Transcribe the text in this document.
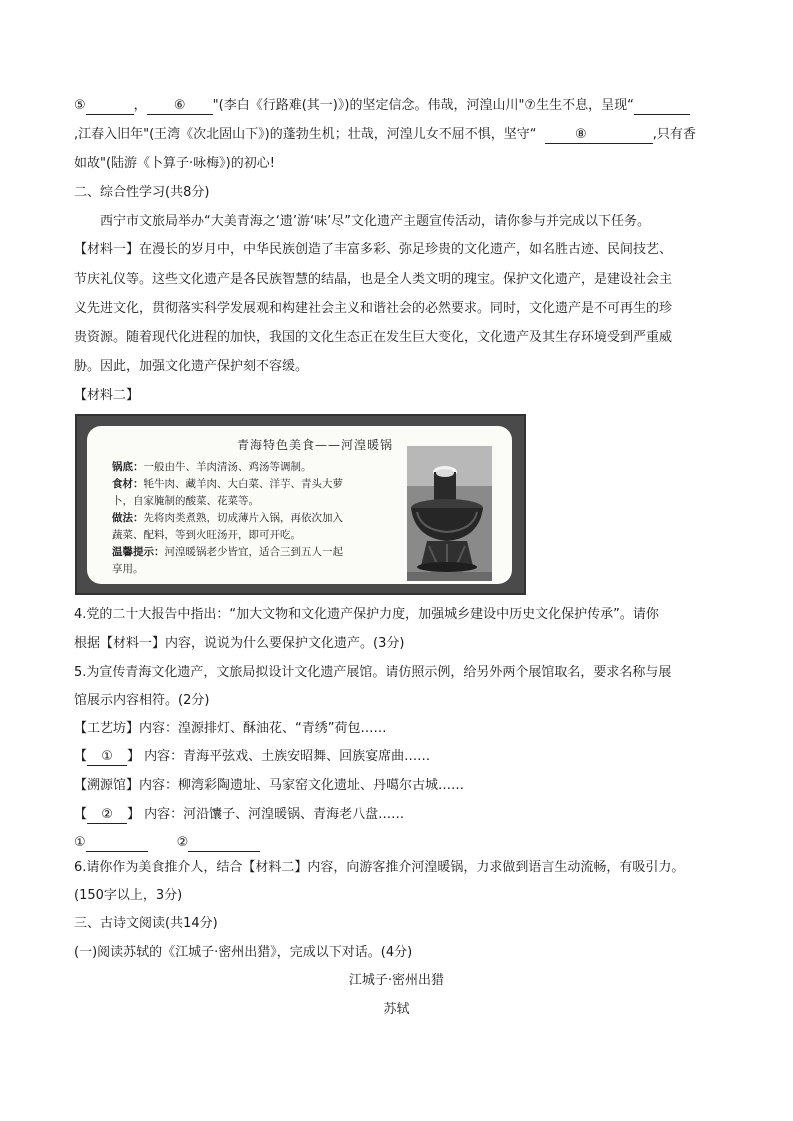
⑤	， ⑥ "(李白《行路难(其一)》)的坚定信念。伟哉，河湟山川"⑦生生不息，呈现“
,江春入旧年"(王湾《次北固山下》)的蓬勃生机；壮哉，河湟儿女不屈不惧，坚守“	⑧	,只有香
如故"(陆游《卜算子·咏梅》)的初心!
二、综合性学习(共8分)
西宁市文旅局举办“大美青海之‘遗’游‘味’尽”文化遗产主题宣传活动，请你参与并完成以下任务。
【材料一】在漫长的岁月中，中华民族创造了丰富多彩、弥足珍贵的文化遗产，如名胜古迹、民间技艺、
节庆礼仪等。这些文化遗产是各民族智慧的结晶，也是全人类文明的瑰宝。保护文化遗产，是建设社会主
义先进文化，贯彻落实科学发展观和构建社会主义和谐社会的必然要求。同时，文化遗产是不可再生的珍
贵资源。随着现代化进程的加快，我国的文化生态正在发生巨大变化，文化遗产及其生存环境受到严重威
胁。因此，加强文化遗产保护刻不容缓。
【材料二】
青海特色美食——河湟暖锅
锅底：一般由牛、羊肉清汤、鸡汤等调制。
食材：牦牛肉、藏羊肉、大白菜、洋芋、青头大萝
卜，自家腌制的酸菜、花菜等。
做法：先将肉类煮熟，切成薄片入锅，再依次加入
蔬菜、配料，等到火旺汤开，即可开吃。
温馨提示：河湟暖锅老少皆宜，适合三到五人一起
享用。
4.党的二十大报告中指出：“加大文物和文化遗产保护力度，加强城乡建设中历史文化保护传承”。请你
根据【材料一】内容，说说为什么要保护文化遗产。(3分)
5.为宣传青海文化遗产，文旅局拟设计文化遗产展馆。请仿照示例，给另外两个展馆取名，要求名称与展
馆展示内容相符。(2分)
【工艺坊】内容：湟源排灯、酥油花、“青绣”荷包……
【 ① 】 内容：青海平弦戏、土族安昭舞、回族宴席曲……
【溯源馆】内容：柳湾彩陶遗址、马家窑文化遗址、丹噶尔古城……
【 ② 】 内容：河沿馕子、河湟暖锅、青海老八盘……
①	②
6.请你作为美食推介人，结合【材料二】内容，向游客推介河湟暖锅，力求做到语言生动流畅，有吸引力。
(150字以上，3分)
三、古诗文阅读(共14分)
(一)阅读苏轼的《江城子·密州出猎》，完成以下对话。(4分)
江城子·密州出猎
苏轼
